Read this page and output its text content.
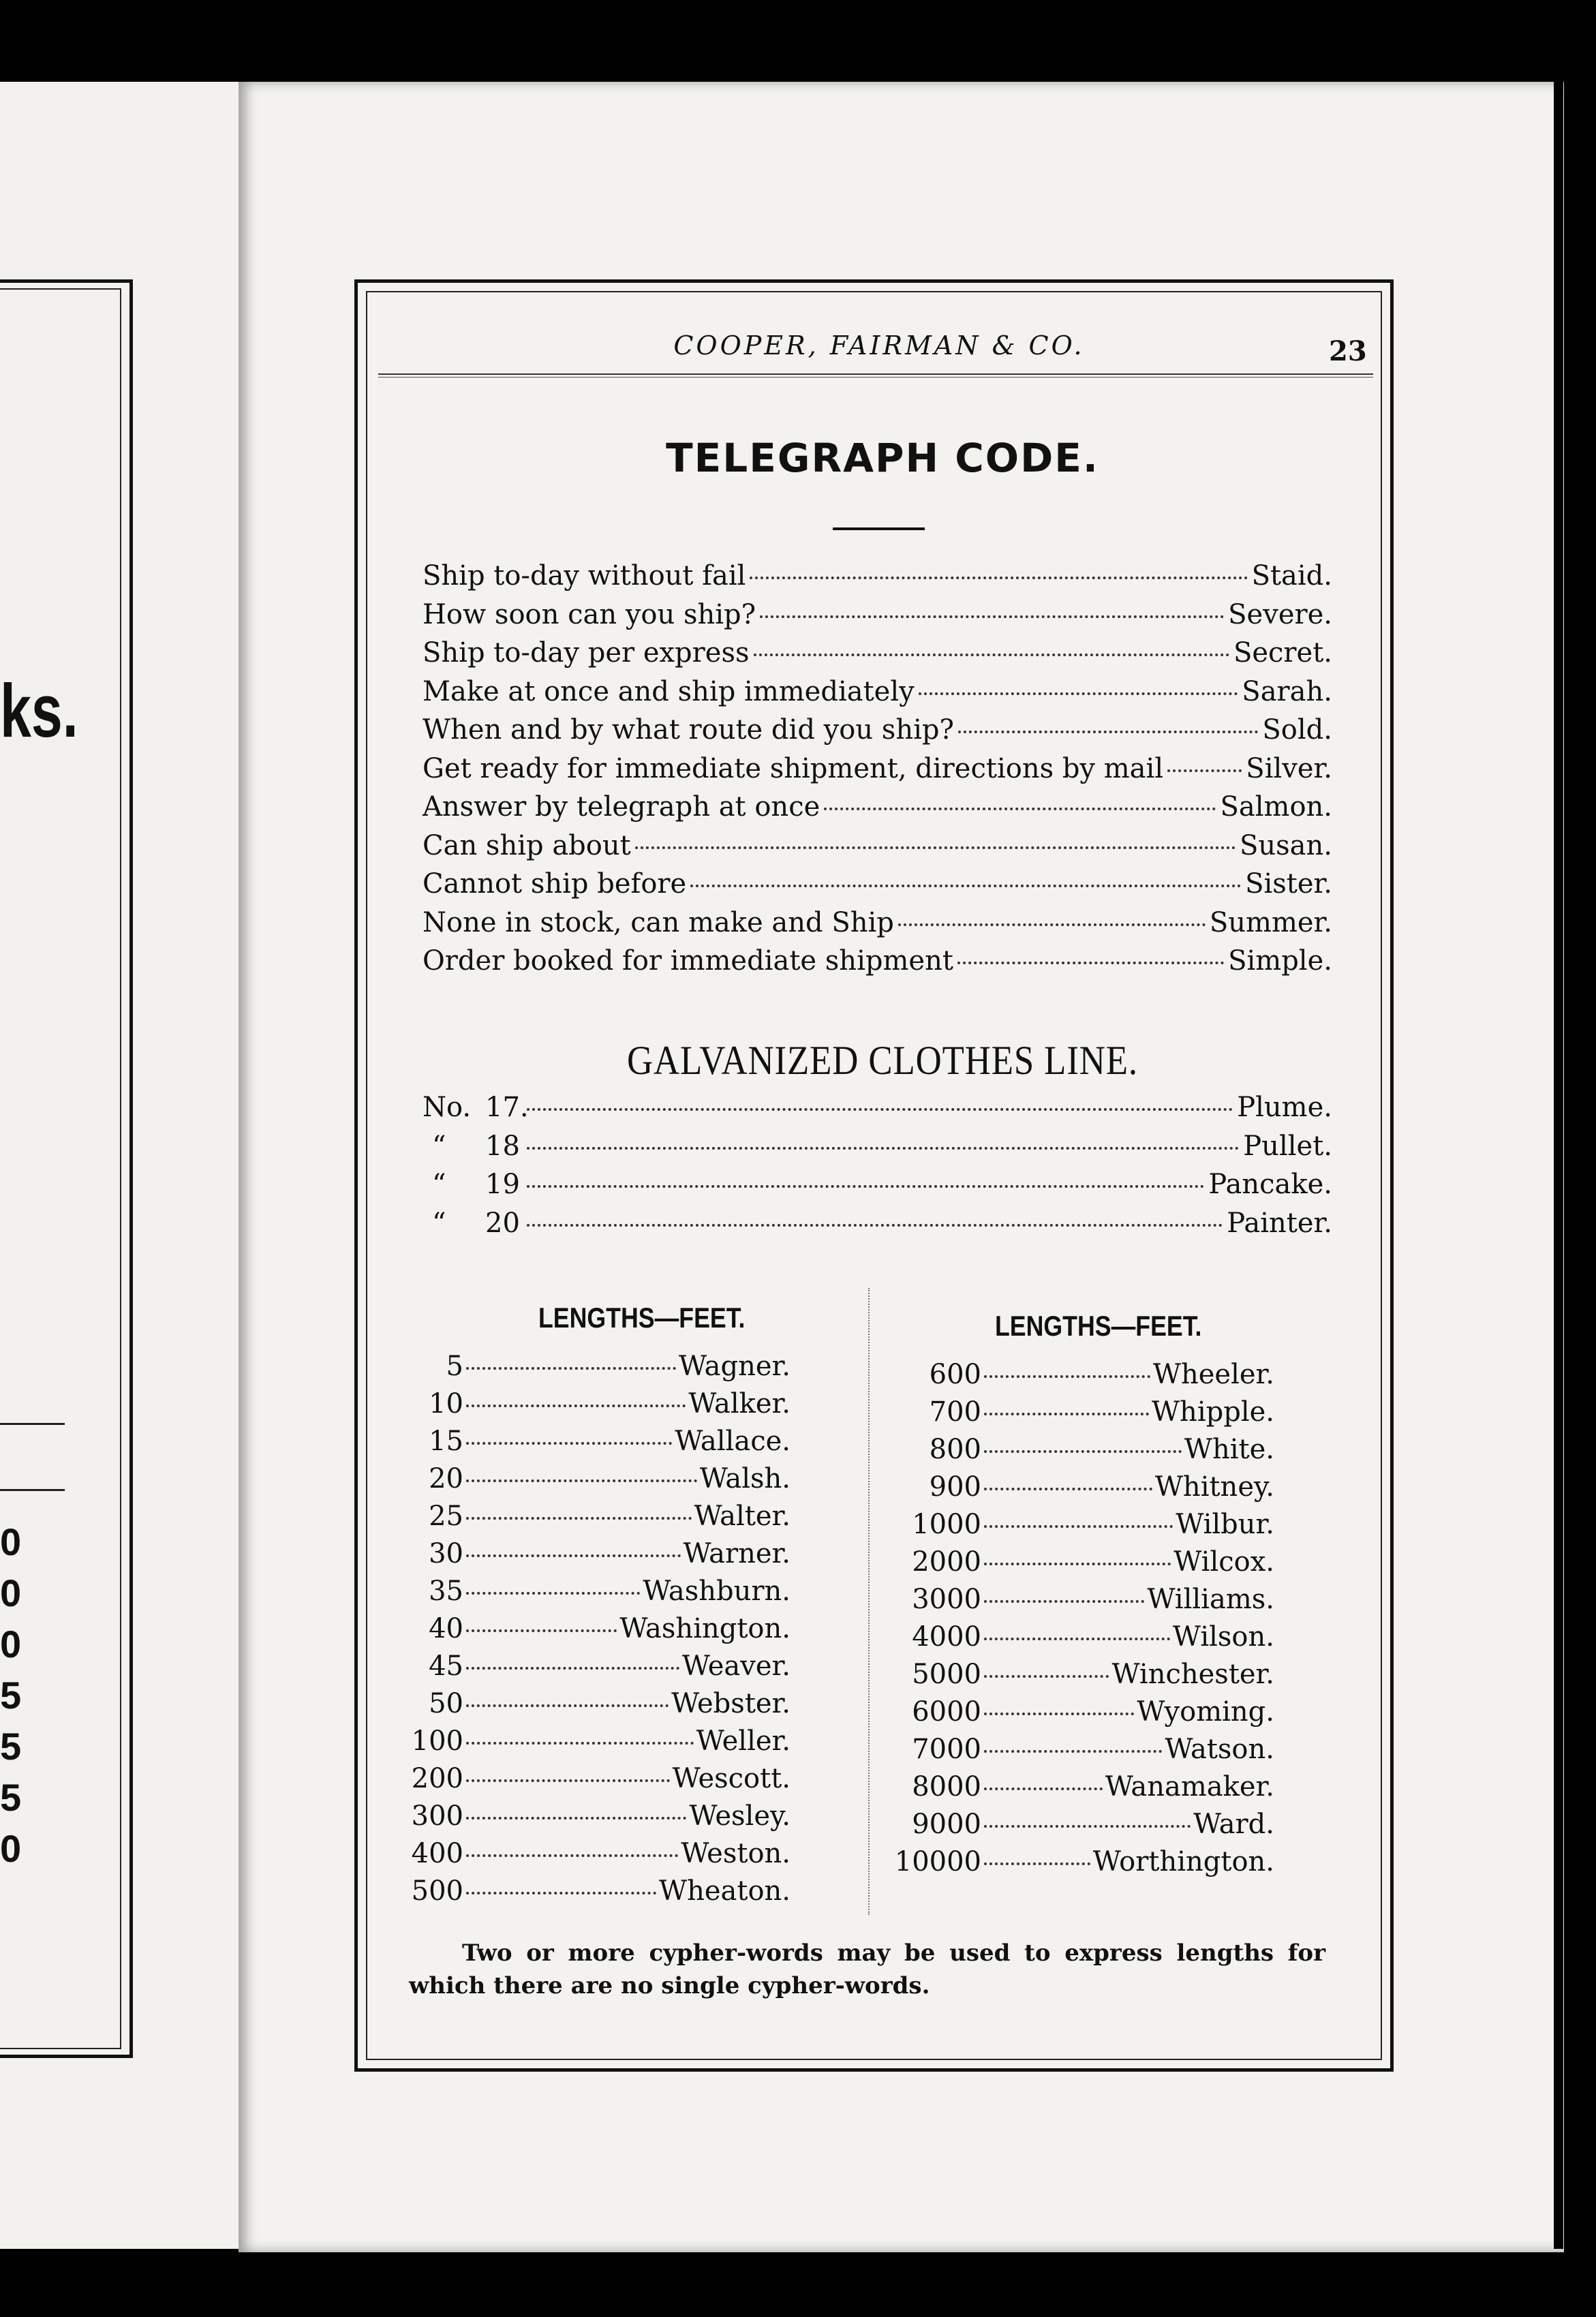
ks.
0
0
0
5
5
5
0
COOPER, FAIRMAN & CO.	23
TELEGRAPH CODE.
Ship to-day without fail	Staid.
How soon can you ship?	Severe.
Ship to-day per express	Secret.
Make at once and ship immediately	Sarah.
When and by what route did you ship?	Sold.
Get ready for immediate shipment, directions by mail	Silver.
Answer by telegraph at once	Salmon.
Can ship about	Susan.
Cannot ship before	Sister.
None in stock, can make and Ship	Summer.
Order booked for immediate shipment	Simple.
GALVANIZED CLOTHES LINE.
No. 17.	Plume.
“	18	Pullet.
“	19	Pancake.
“	20	Painter.
LENGTHS—FEET.	LENGTHS—FEET.
5	Wagner.
10	Walker.
15	Wallace.
20	Walsh.
25	Walter.
30	Warner.
35	Washburn.
40	Washington.
45	Weaver.
50	Webster.
100	Weller.
200	Wescott.
300	Wesley.
400	Weston.
500	Wheaton.
600	Wheeler.
700	Whipple.
800	White.
900	Whitney.
1000	Wilbur.
2000	Wilcox.
3000	Williams.
4000	Wilson.
5000	Winchester.
6000	Wyoming.
7000	Watson.
8000	Wanamaker.
9000	Ward.
10000	Worthington.
Two or more cypher-words may be used to express lengths for which there are no single cypher-words.
